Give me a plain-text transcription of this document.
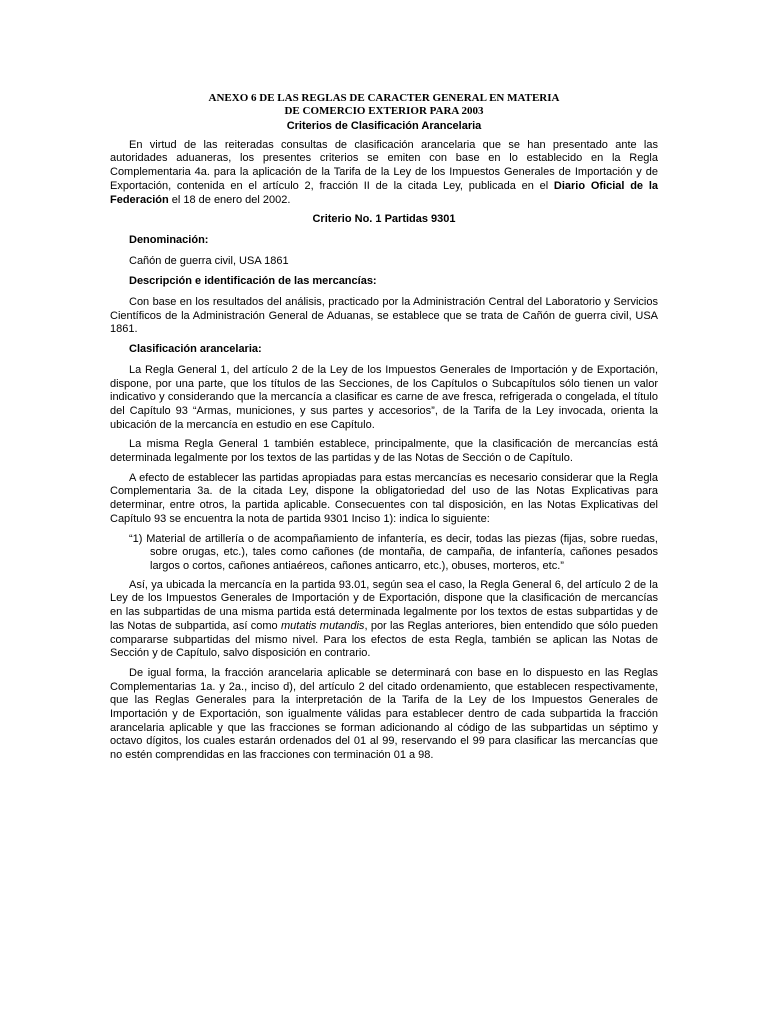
ANEXO 6 DE LAS REGLAS DE CARACTER GENERAL EN MATERIA
DE COMERCIO EXTERIOR PARA 2003
Criterios de Clasificación Arancelaria

En virtud de las reiteradas consultas de clasificación arancelaria que se han presentado ante las autoridades aduaneras, los presentes criterios se emiten con base en lo establecido en la Regla Complementaria 4a. para la aplicación de la Tarifa de la Ley de los Impuestos Generales de Importación y de Exportación, contenida en el artículo 2, fracción II de la citada Ley, publicada en el Diario Oficial de la Federación el 18 de enero del 2002.

Criterio No. 1 Partidas 9301

Denominación:

Cañón de guerra civil, USA 1861

Descripción e identificación de las mercancías:

Con base en los resultados del análisis, practicado por la Administración Central del Laboratorio y Servicios Científicos de la Administración General de Aduanas, se establece que se trata de Cañón de guerra civil, USA 1861.

Clasificación arancelaria:

La Regla General 1, del artículo 2 de la Ley de los Impuestos Generales de Importación y de Exportación, dispone, por una parte, que los títulos de las Secciones, de los Capítulos o Subcapítulos sólo tienen un valor indicativo y considerando que la mercancía a clasificar es carne de ave fresca, refrigerada o congelada, el título del Capítulo 93 “Armas, municiones, y sus partes y accesorios”, de la Tarifa de la Ley invocada, orienta la ubicación de la mercancía en estudio en ese Capítulo.

La misma Regla General 1 también establece, principalmente, que la clasificación de mercancías está determinada legalmente por los textos de las partidas y de las Notas de Sección o de Capítulo.

A efecto de establecer las partidas apropiadas para estas mercancías es necesario considerar que la Regla Complementaria 3a. de la citada Ley, dispone la obligatoriedad del uso de las Notas Explicativas para determinar, entre otros, la partida aplicable. Consecuentes con tal disposición, en las Notas Explicativas del Capítulo 93 se encuentra la nota de partida 9301 Inciso 1): indica lo siguiente:

“1) Material de artillería o de acompañamiento de infantería, es decir, todas las piezas (fijas, sobre ruedas, sobre orugas, etc.), tales como cañones (de montaña, de campaña, de infantería, cañones pesados largos o cortos, cañones antiaéreos, cañones anticarro, etc.), obuses, morteros, etc.”

Así, ya ubicada la mercancía en la partida 93.01, según sea el caso, la Regla General 6, del artículo 2 de la Ley de los Impuestos Generales de Importación y de Exportación, dispone que la clasificación de mercancías en las subpartidas de una misma partida está determinada legalmente por los textos de estas subpartidas y de las Notas de subpartida, así como mutatis mutandis, por las Reglas anteriores, bien entendido que sólo pueden compararse subpartidas del mismo nivel. Para los efectos de esta Regla, también se aplican las Notas de Sección y de Capítulo, salvo disposición en contrario.

De igual forma, la fracción arancelaria aplicable se determinará con base en lo dispuesto en las Reglas Complementarias 1a. y 2a., inciso d), del artículo 2 del citado ordenamiento, que establecen respectivamente, que las Reglas Generales para la interpretación de la Tarifa de la Ley de los Impuestos Generales de Importación y de Exportación, son igualmente válidas para establecer dentro de cada subpartida la fracción arancelaria aplicable y que las fracciones se forman adicionando al código de las subpartidas un séptimo y octavo dígitos, los cuales estarán ordenados del 01 al 99, reservando el 99 para clasificar las mercancías que no estén comprendidas en las fracciones con terminación 01 a 98.
